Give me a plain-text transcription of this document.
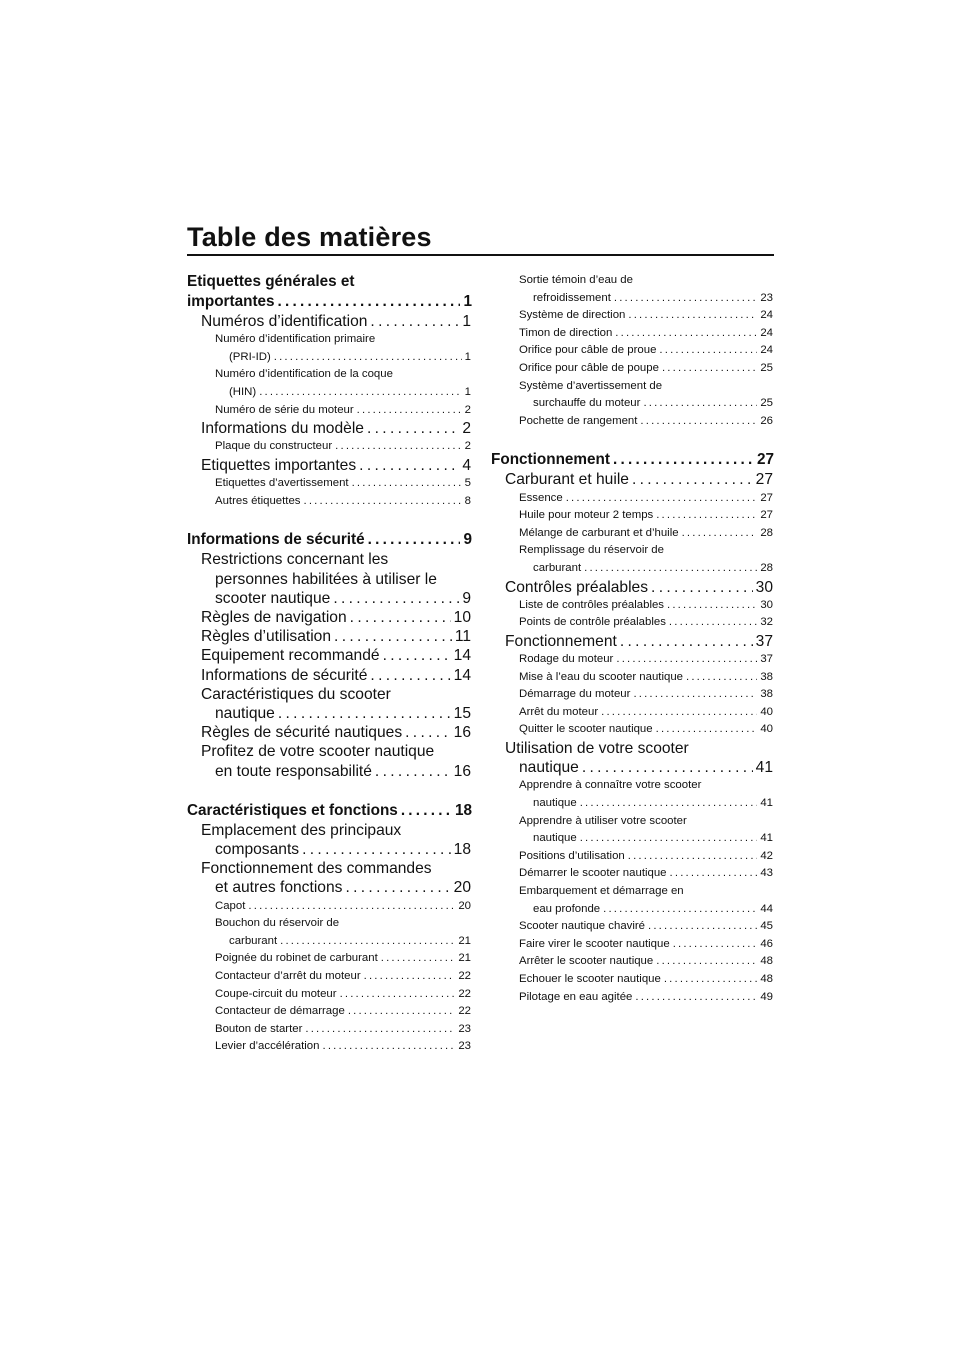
Table des matières
Etiquettes générales et
importantes . . .	1
Numéros d’identification . . .	1
Numéro d’identification primaire
(PRI-ID) . . .	1
Numéro d’identification de la coque
(HIN) . . .	1
Numéro de série du moteur . . .	2
Informations du modèle . . .	2
Plaque du constructeur . . .	2
Etiquettes importantes . . .	4
Etiquettes d’avertissement . . .	5
Autres étiquettes . . .	8
Informations de sécurité . . .	9
Restrictions concernant les
personnes habilitées à utiliser le
scooter nautique . . .	9
Règles de navigation . . .	10
Règles d’utilisation . . .	11
Equipement recommandé . . .	14
Informations de sécurité . . .	14
Caractéristiques du scooter
nautique . . .	15
Règles de sécurité nautiques . . .	16
Profitez de votre scooter nautique
en toute responsabilité . . .	16
Caractéristiques et fonctions . . .	18
Emplacement des principaux
composants . . .	18
Fonctionnement des commandes
et autres fonctions . . .	20
Capot . . .	20
Bouchon du réservoir de
carburant . . .	21
Poignée du robinet de carburant . . .	21
Contacteur d’arrêt du moteur . . .	22
Coupe-circuit du moteur . . .	22
Contacteur de démarrage . . .	22
Bouton de starter . . .	23
Levier d’accélération . . .	23
Sortie témoin d’eau de
refroidissement . . .	23
Système de direction . . .	24
Timon de direction . . .	24
Orifice pour câble de proue . . .	24
Orifice pour câble de poupe . . .	25
Système d’avertissement de
surchauffe du moteur . . .	25
Pochette de rangement . . .	26
Fonctionnement . . .	27
Carburant et huile . . .	27
Essence . . .	27
Huile pour moteur 2 temps . . .	27
Mélange de carburant et d’huile . . .	28
Remplissage du réservoir de
carburant . . .	28
Contrôles préalables . . .	30
Liste de contrôles préalables . . .	30
Points de contrôle préalables . . .	32
Fonctionnement . . .	37
Rodage du moteur . . .	37
Mise à l’eau du scooter nautique . . .	38
Démarrage du moteur . . .	38
Arrêt du moteur . . .	40
Quitter le scooter nautique . . .	40
Utilisation de votre scooter
nautique . . .	41
Apprendre à connaître votre scooter
nautique . . .	41
Apprendre à utiliser votre scooter
nautique . . .	41
Positions d’utilisation . . .	42
Démarrer le scooter nautique . . .	43
Embarquement et démarrage en
eau profonde . . .	44
Scooter nautique chaviré . . .	45
Faire virer le scooter nautique . . .	46
Arrêter le scooter nautique . . .	48
Echouer le scooter nautique . . .	48
Pilotage en eau agitée . . .	49
